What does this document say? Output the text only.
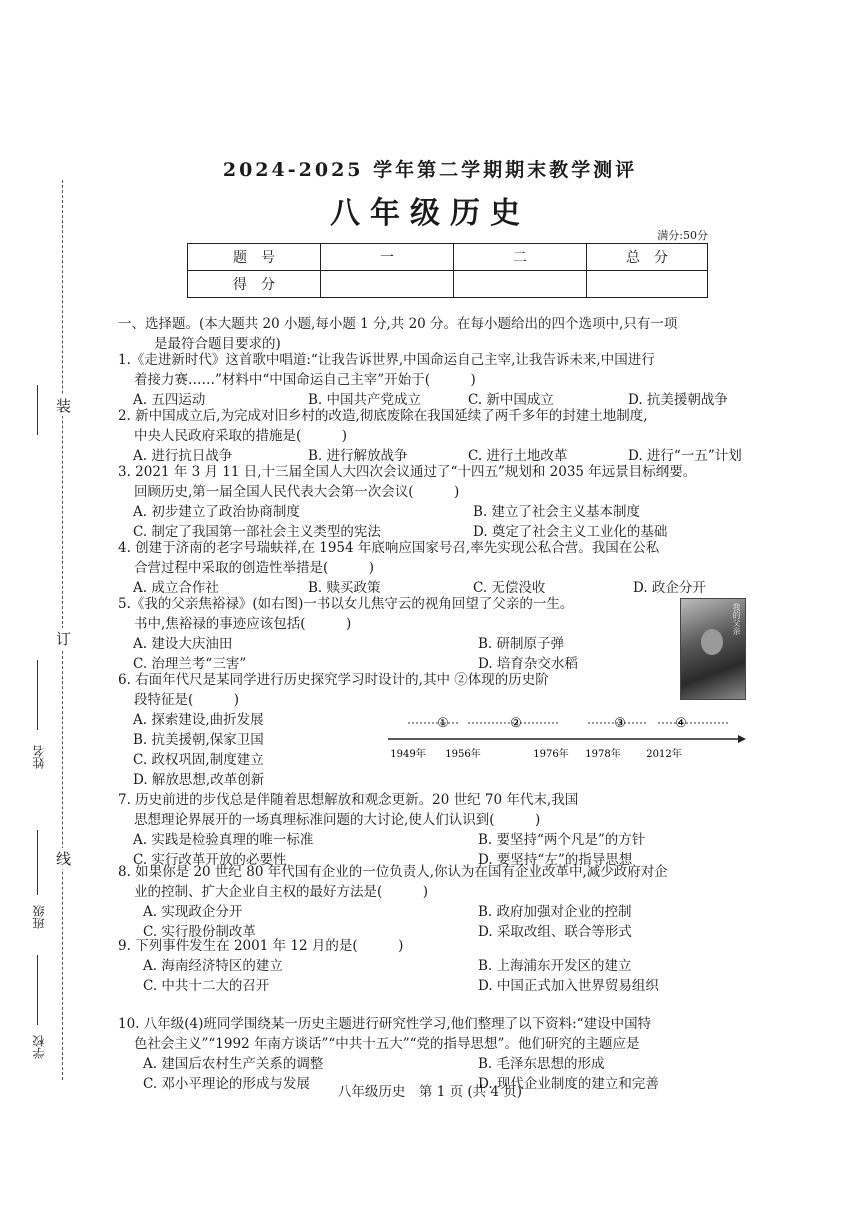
装
订
线
姓名
班级
学校
2024-2025 学年第二学期期末教学测评
八年级历史
满分:50分
题　号	一	二	总　分
得　分			
一、选择题。(本大题共 20 小题,每小题 1 分,共 20 分。在每小题给出的四个选项中,只有一项
是最符合题目要求的)
1.《走进新时代》这首歌中唱道:“让我告诉世界,中国命运自己主宰,让我告诉未来,中国进行
着接力赛……”材料中“中国命运自己主宰”开始于(　　　)
A. 五四运动	B. 中国共产党成立	C. 新中国成立	D. 抗美援朝战争
2. 新中国成立后,为完成对旧乡村的改造,彻底废除在我国延续了两千多年的封建土地制度,
中央人民政府采取的措施是(　　　)
A. 进行抗日战争	B. 进行解放战争	C. 进行土地改革	D. 进行“一五”计划
3. 2021 年 3 月 11 日,十三届全国人大四次会议通过了“十四五”规划和 2035 年远景目标纲要。
回顾历史,第一届全国人民代表大会第一次会议(　　　)
A. 初步建立了政治协商制度	B. 建立了社会主义基本制度
C. 制定了我国第一部社会主义类型的宪法	D. 奠定了社会主义工业化的基础
4. 创建于济南的老字号瑞蚨祥,在 1954 年底响应国家号召,率先实现公私合营。我国在公私
合营过程中采取的创造性举措是(　　　)
A. 成立合作社	B. 赎买政策	C. 无偿没收	D. 政企分开
5.《我的父亲焦裕禄》(如右图)一书以女儿焦守云的视角回望了父亲的一生。
书中,焦裕禄的事迹应该包括(　　　)
A. 建设大庆油田	B. 研制原子弹
C. 治理兰考“三害”	D. 培育杂交水稻
我的父亲
6. 右面年代尺是某同学进行历史探究学习时设计的,其中 ②体现的历史阶
段特征是(　　　)
A. 探索建设,曲折发展
B. 抗美援朝,保家卫国
C. 政权巩固,制度建立
D. 解放思想,改革创新
①	②	③	④
1949年 1956年	1976年 1978年	2012年
7. 历史前进的步伐总是伴随着思想解放和观念更新。20 世纪 70 年代末,我国
思想理论界展开的一场真理标准问题的大讨论,使人们认识到(　　　)
A. 实践是检验真理的唯一标准	B. 要坚持“两个凡是”的方针
C. 实行改革开放的必要性	D. 要坚持“左”的指导思想
8. 如果你是 20 世纪 80 年代国有企业的一位负责人,你认为在国有企业改革中,减少政府对企
业的控制、扩大企业自主权的最好方法是(　　　)
A. 实现政企分开	B. 政府加强对企业的控制
C. 实行股份制改革	D. 采取改组、联合等形式
9. 下列事件发生在 2001 年 12 月的是(　　　)
A. 海南经济特区的建立	B. 上海浦东开发区的建立
C. 中共十二大的召开	D. 中国正式加入世界贸易组织
10. 八年级(4)班同学围绕某一历史主题进行研究性学习,他们整理了以下资料:“建设中国特
色社会主义”“1992 年南方谈话”“中共十五大”“党的指导思想”。他们研究的主题应是
A. 建国后农村生产关系的调整	B. 毛泽东思想的形成
C. 邓小平理论的形成与发展	D. 现代企业制度的建立和完善
八年级历史　第 1 页 (共 4 页)
